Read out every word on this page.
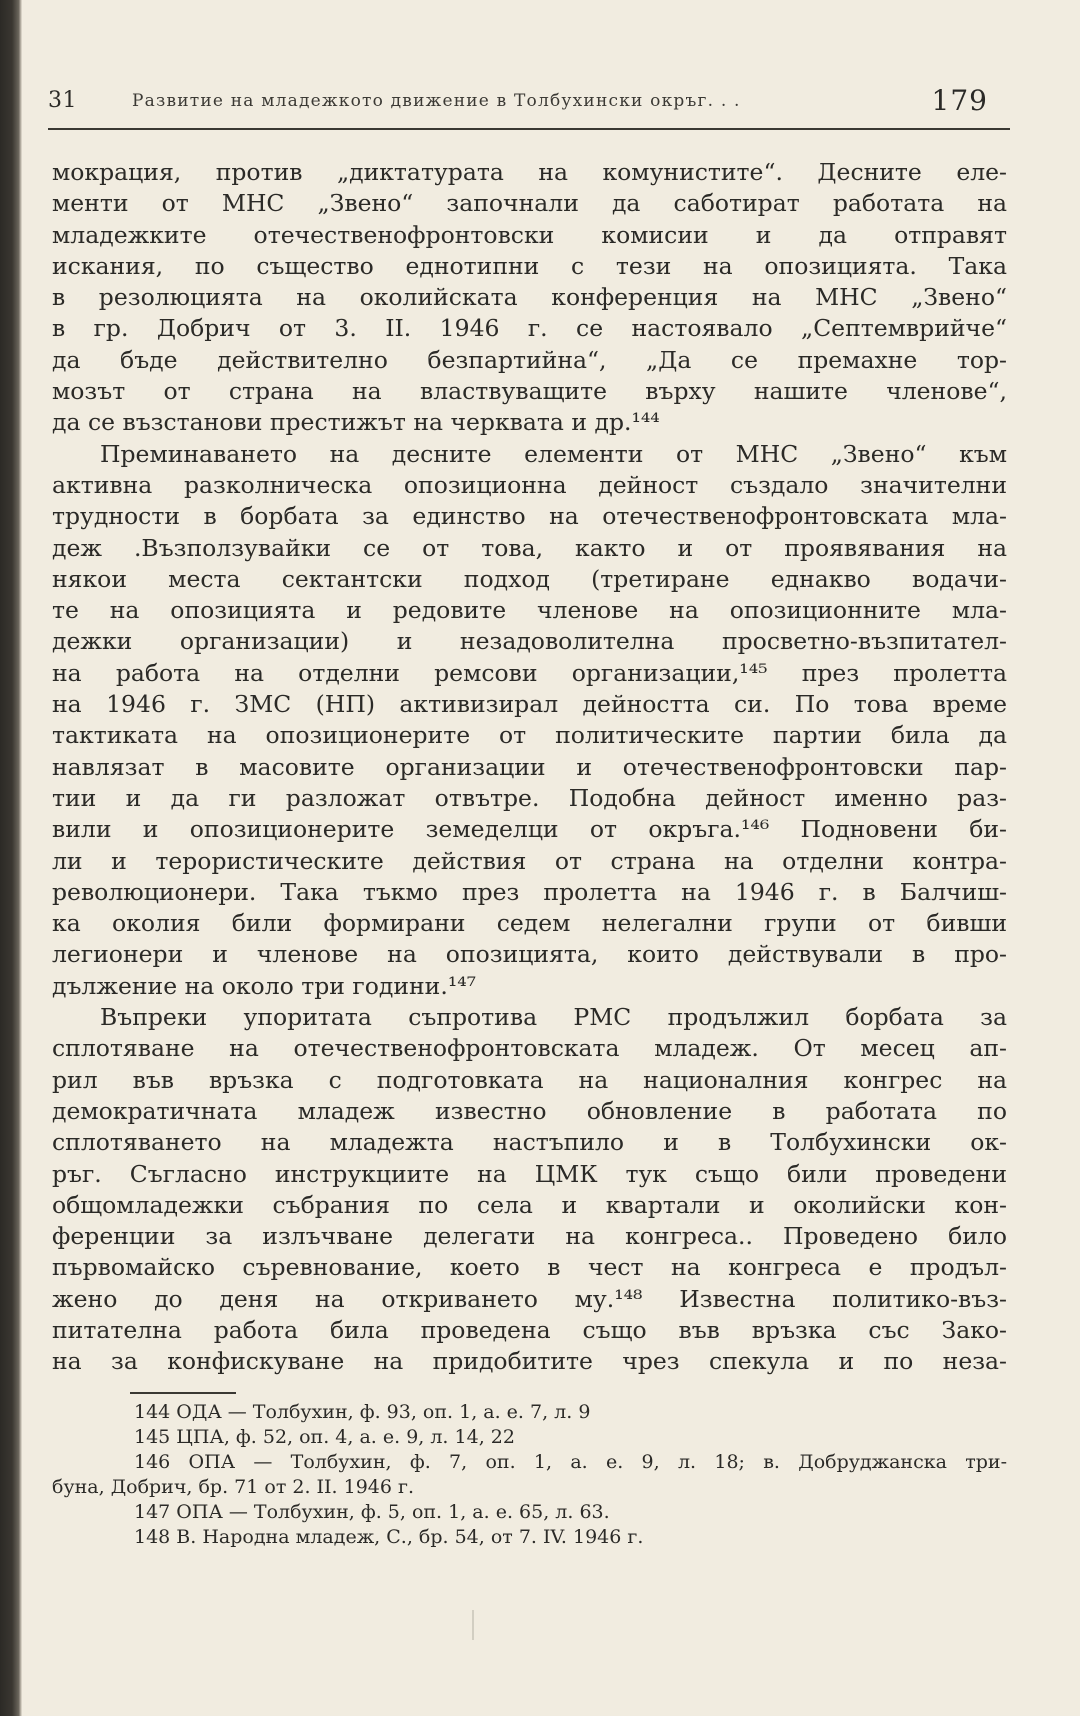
31	Развитие на младежкото движение в Толбухински окръг. . .	179
мокрация, против „диктатурата на комунистите“. Десните еле-
менти от МНС „Звено“ започнали да саботират работата на
младежките отечественофронтовски комисии и да отправят
искания, по същество еднотипни с тези на опозицията. Така
в резолюцията на околийската конференция на МНС „Звено“
в гр. Добрич от 3. II. 1946 г. се настоявало „Септемврийче“
да бъде действително безпартийна“, „Да се премахне тор-
мозът от страна на властвуващите върху нашите членове“,
да се възстанови престижът на черквата и др.¹⁴⁴
Преминаването на десните елементи от МНС „Звено“ към
активна разколническа опозиционна дейност създало значителни
трудности в борбата за единство на отечественофронтовската мла-
деж .Възползувайки се от това, както и от проявявания на
някои места сектантски подход (третиране еднакво водачи-
те на опозицията и редовите членове на опозиционните мла-
дежки организации) и незадоволителна просветно-възпитател-
на работа на отделни ремсови организации,¹⁴⁵ през пролетта
на 1946 г. ЗМС (НП) активизирал дейността си. По това време
тактиката на опозиционерите от политическите партии била да
навлязат в масовите организации и отечественофронтовски пар-
тии и да ги разложат отвътре. Подобна дейност именно раз-
вили и опозиционерите земеделци от окръга.¹⁴⁶ Подновени би-
ли и терористическите действия от страна на отделни контра-
революционери. Така тъкмо през пролетта на 1946 г. в Балчиш-
ка околия били формирани седем нелегални групи от бивши
легионери и членове на опозицията, които действували в про-
дължение на около три години.¹⁴⁷
Въпреки упоритата съпротива РМС продължил борбата за
сплотяване на отечественофронтовската младеж. От месец ап-
рил във връзка с подготовката на националния конгрес на
демократичната младеж известно обновление в работата по
сплотяването на младежта настъпило и в Толбухински ок-
ръг. Съгласно инструкциите на ЦМК тук също били проведени
общомладежки събрания по села и квартали и околийски кон-
ференции за излъчване делегати на конгреса.. Проведено било
първомайско съревнование, което в чест на конгреса е продъл-
жено до деня на откриването му.¹⁴⁸ Известна политико-въз-
питателна работа била проведена също във връзка със Зако-
на за конфискуване на придобитите чрез спекула и по неза-
144 ОДА — Толбухин, ф. 93, оп. 1, а. е. 7, л. 9
145 ЦПА, ф. 52, оп. 4, а. е. 9, л. 14, 22
146 ОПА — Толбухин, ф. 7, оп. 1, а. е. 9, л. 18; в. Добруджанска три-
буна, Добрич, бр. 71 от 2. II. 1946 г.
147 ОПА — Толбухин, ф. 5, оп. 1, а. е. 65, л. 63.
148 В. Народна младеж, С., бр. 54, от 7. IV. 1946 г.
